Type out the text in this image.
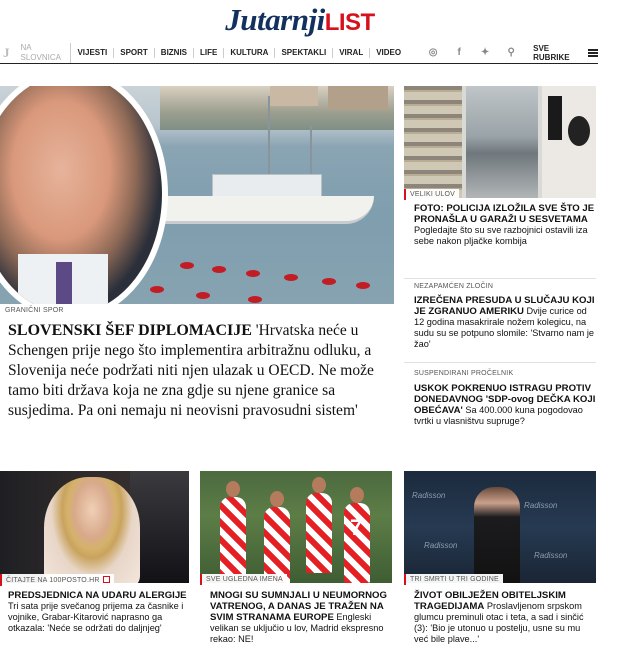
JutarnjiLIST
J	NA SLOVNICA
VIJESTI	SPORT	BIZNIS	LIFE	KULTURA	SPEKTAKLI	VIRAL	VIDEO	◎	f	✦ ⚲ SVE RUBRIKE
GRANIČNI SPOR
SLOVENSKI ŠEF DIPLOMACIJE 'Hrvatska neće u Schengen prije nego što implementira arbitražnu odluku, a Slovenija neće podržati niti njen ulazak u OECD. Ne može tamo biti država koja ne zna gdje su njene granice sa susjedima. Pa oni nemaju ni neovisni pravosudni sistem'
VELIKI ULOV
FOTO: POLICIJA IZLOŽILA SVE ŠTO JE PRONAŠLA U GARAŽI U SESVETAMA Pogledajte što su sve razbojnici ostavili iza sebe nakon pljačke kombija
NEZAPAMĆEN ZLOČIN
IZREČENA PRESUDA U SLUČAJU KOJI JE ZGRANUO AMERIKU Dvije curice od 12 godina masakrirale nožem kolegicu, na sudu su se potpuno slomile: 'Stvarno nam je žao'
SUSPENDIRANI PROČELNIK
USKOK POKRENUO ISTRAGU PROTIV DONEDAVNOG 'SDP-ovog DEČKA KOJI OBEĆAVA' Sa 400.000 kuna pogodovao tvrtki u vlasništvu supruge?
7
Radisson
Radisson
Radisson
Radisson
ČITAJTE NA 100POSTO.HR	SVE UGLEDNA IMENA	TRI SMRTI U TRI GODINE
PREDSJEDNICA NA UDARU ALERGIJE Tri sata prije svečanog prijema za časnike i vojnike, Grabar-Kitarović naprasno ga otkazala: 'Neće se održati do daljnjeg'
MNOGI SU SUMNJALI U NEUMORNOG VATRENOG, A DANAS JE TRAŽEN NA SVIM STRANAMA EUROPE Engleski velikan se uključio u lov, Madrid ekspresno rekao: NE!
ŽIVOT OBILJEŽEN OBITELJSKIM TRAGEDIJAMA Proslavljenom srpskom glumcu preminuli otac i teta, a sad i sinčić (3): 'Bio je utonuo u postelju, usne su mu već bile plave...'
